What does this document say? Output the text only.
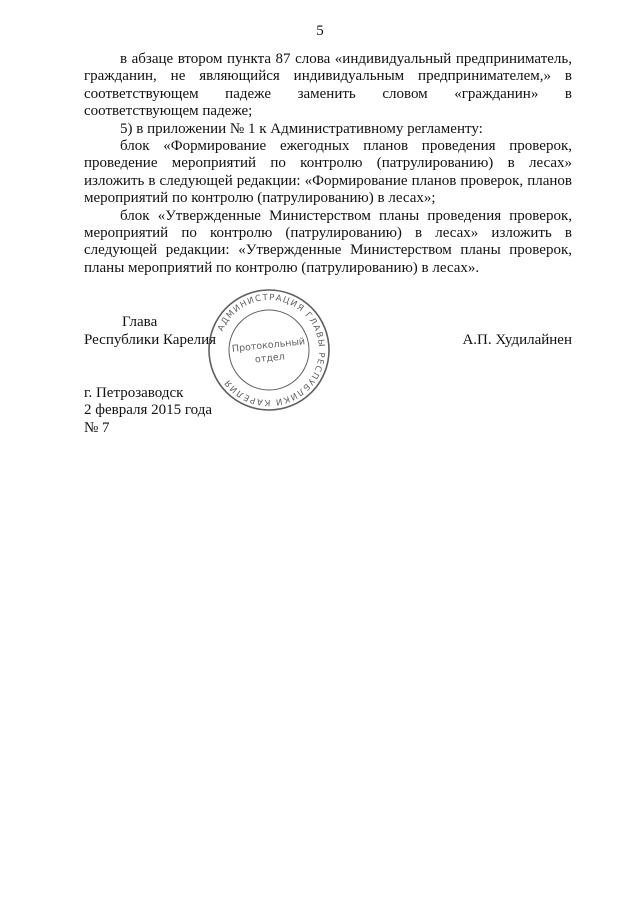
5

в абзаце втором пункта 87 слова «индивидуальный предприниматель, гражданин, не являющийся индивидуальным предпринимателем,» в соответствующем падеже заменить словом «гражданин» в соответствующем падеже;

5) в приложении № 1 к Административному регламенту:

блок «Формирование ежегодных планов проведения проверок, проведение мероприятий по контролю (патрулированию) в лесах» изложить в следующей редакции: «Формирование планов проверок, планов мероприятий по контролю (патрулированию) в лесах»;

блок «Утвержденные Министерством планы проведения проверок, мероприятий по контролю (патрулированию) в лесах» изложить в следующей редакции: «Утвержденные Министерством планы проверок, планы мероприятий по контролю (патрулированию) в лесах».

Глава
Республики Карелия	А.П. Худилайнен
АДМИНИСТРАЦИЯ ГЛАВЫ РЕСПУБЛИКИ КАРЕЛИЯ
Протокольный
отдел
г. Петрозаводск
2 февраля 2015 года
№ 7
